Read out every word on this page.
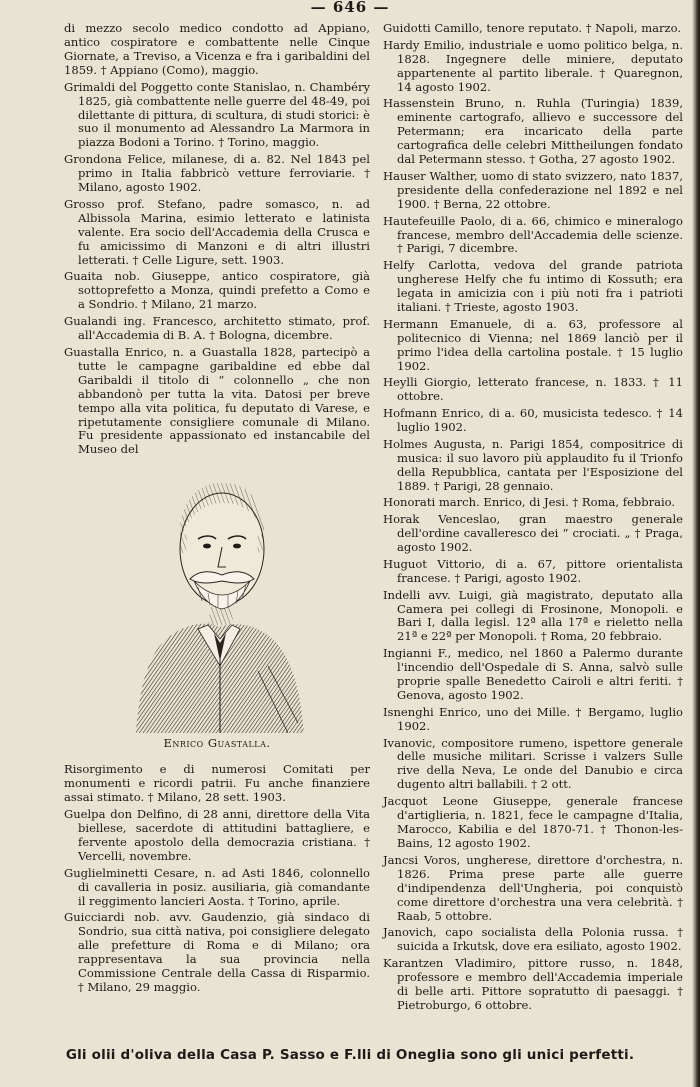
— 646 —

di mezzo secolo medico condotto ad Appiano, antico cospiratore e combattente nelle Cinque Giornate, a Treviso, a Vicenza e fra i garibaldini del 1859. † Appiano (Como), maggio.

Grimaldi del Poggetto conte Stanislao, n. Chambéry 1825, già combattente nelle guerre del 48-49, poi dilettante di pittura, di scultura, di studi storici: è suo il monumento ad Alessandro La Marmora in piazza Bodoni a Torino. † Torino, maggio.

Grondona Felice, milanese, di a. 82. Nel 1843 pel primo in Italia fabbricò vetture ferroviarie. † Milano, agosto 1902.

Grosso prof. Stefano, padre somasco, n. ad Albissola Marina, esimio letterato e latinista valente. Era socio dell'Accademia della Crusca e fu amicissimo di Manzoni e di altri illustri letterati. † Celle Ligure, sett. 1903.

Guaita nob. Giuseppe, antico cospiratore, già sottoprefetto a Monza, quindi prefetto a Como e a Sondrio. † Milano, 21 marzo.

Gualandi ing. Francesco, architetto stimato, prof. all'Accademia di B. A. † Bologna, dicembre.

Guastalla Enrico, n. a Guastalla 1828, partecipò a tutte le campagne garibaldine ed ebbe dal Garibaldi il titolo di “ colonnello „ che non abbandonò per tutta la vita. Datosi per breve tempo alla vita politica, fu deputato di Varese, e ripetutamente consigliere comunale di Milano. Fu presidente appassionato ed instancabile del Museo del

Enrico Guastalla.

Risorgimento e di numerosi Comitati per monumenti e ricordi patrii. Fu anche finanziere assai stimato. † Milano, 28 sett. 1903.

Guelpa don Delfino, di 28 anni, direttore della Vita biellese, sacerdote di attitudini battagliere, e fervente apostolo della democrazia cristiana. † Vercelli, novembre.

Guglielminetti Cesare, n. ad Asti 1846, colonnello di cavalleria in posiz. ausiliaria, già comandante il reggimento lancieri Aosta. † Torino, aprile.

Guicciardi nob. avv. Gaudenzio, già sindaco di Sondrio, sua città nativa, poi consigliere delegato alle prefetture di Roma e di Milano; ora rappresentava la sua provincia nella Commissione Centrale della Cassa di Risparmio. † Milano, 29 maggio.

Guidotti Camillo, tenore reputato. † Napoli, marzo.

Hardy Emilio, industriale e uomo politico belga, n. 1828. Ingegnere delle miniere, deputato appartenente al partito liberale. † Quaregnon, 14 agosto 1902.

Hassenstein Bruno, n. Ruhla (Turingia) 1839, eminente cartografo, allievo e successore del Petermann; era incaricato della parte cartografica delle celebri Mittheilungen fondato dal Petermann stesso. † Gotha, 27 agosto 1902.

Hauser Walther, uomo di stato svizzero, nato 1837, presidente della confederazione nel 1892 e nel 1900. † Berna, 22 ottobre.

Hautefeuille Paolo, di a. 66, chimico e mineralogo francese, membro dell'Accademia delle scienze. † Parigi, 7 dicembre.

Helfy Carlotta, vedova del grande patriota ungherese Helfy che fu intimo di Kossuth; era legata in amicizia con i più noti fra i patrioti italiani. † Trieste, agosto 1903.

Hermann Emanuele, di a. 63, professore al politecnico di Vienna; nel 1869 lanciò per il primo l'idea della cartolina postale. † 15 luglio 1902.

Heylli Giorgio, letterato francese, n. 1833. † 11 ottobre.

Hofmann Enrico, di a. 60, musicista tedesco. † 14 luglio 1902.

Holmes Augusta, n. Parigi 1854, compositrice di musica: il suo lavoro più applaudito fu il Trionfo della Repubblica, cantata per l'Esposizione del 1889. † Parigi, 28 gennaio.

Honorati march. Enrico, di Jesi. † Roma, febbraio.

Horak Venceslao, gran maestro generale dell'ordine cavalleresco dei “ crociati. „ † Praga, agosto 1902.

Huguot Vittorio, di a. 67, pittore orientalista francese. † Parigi, agosto 1902.

Indelli avv. Luigi, già magistrato, deputato alla Camera pei collegi di Frosinone, Monopoli. e Bari I, dalla legisl. 12ª alla 17ª e rieletto nella 21ª e 22ª per Monopoli. † Roma, 20 febbraio.

Ingianni F., medico, nel 1860 a Palermo durante l'incendio dell'Ospedale di S. Anna, salvò sulle proprie spalle Benedetto Cairoli e altri feriti. † Genova, agosto 1902.

Isnenghi Enrico, uno dei Mille. † Bergamo, luglio 1902.

Ivanovic, compositore rumeno, ispettore generale delle musiche militari. Scrisse i valzers Sulle rive della Neva, Le onde del Danubio e circa dugento altri ballabili. † 2 ott.

Jacquot Leone Giuseppe, generale francese d'artiglieria, n. 1821, fece le campagne d'Italia, Marocco, Kabilia e del 1870-71. † Thonon-les-Bains, 12 agosto 1902.

Jancsi Voros, ungherese, direttore d'orchestra, n. 1826. Prima prese parte alle guerre d'indipendenza dell'Ungheria, poi conquistò come direttore d'orchestra una vera celebrità. † Raab, 5 ottobre.

Janovich, capo socialista della Polonia russa. † suicida a Irkutsk, dove era esiliato, agosto 1902.

Karantzen Vladimiro, pittore russo, n. 1848, professore e membro dell'Accademia imperiale di belle arti. Pittore sopratutto di paesaggi. † Pietroburgo, 6 ottobre.

Gli olii d'oliva della Casa P. Sasso e F.lli di Oneglia sono gli unici perfetti.
